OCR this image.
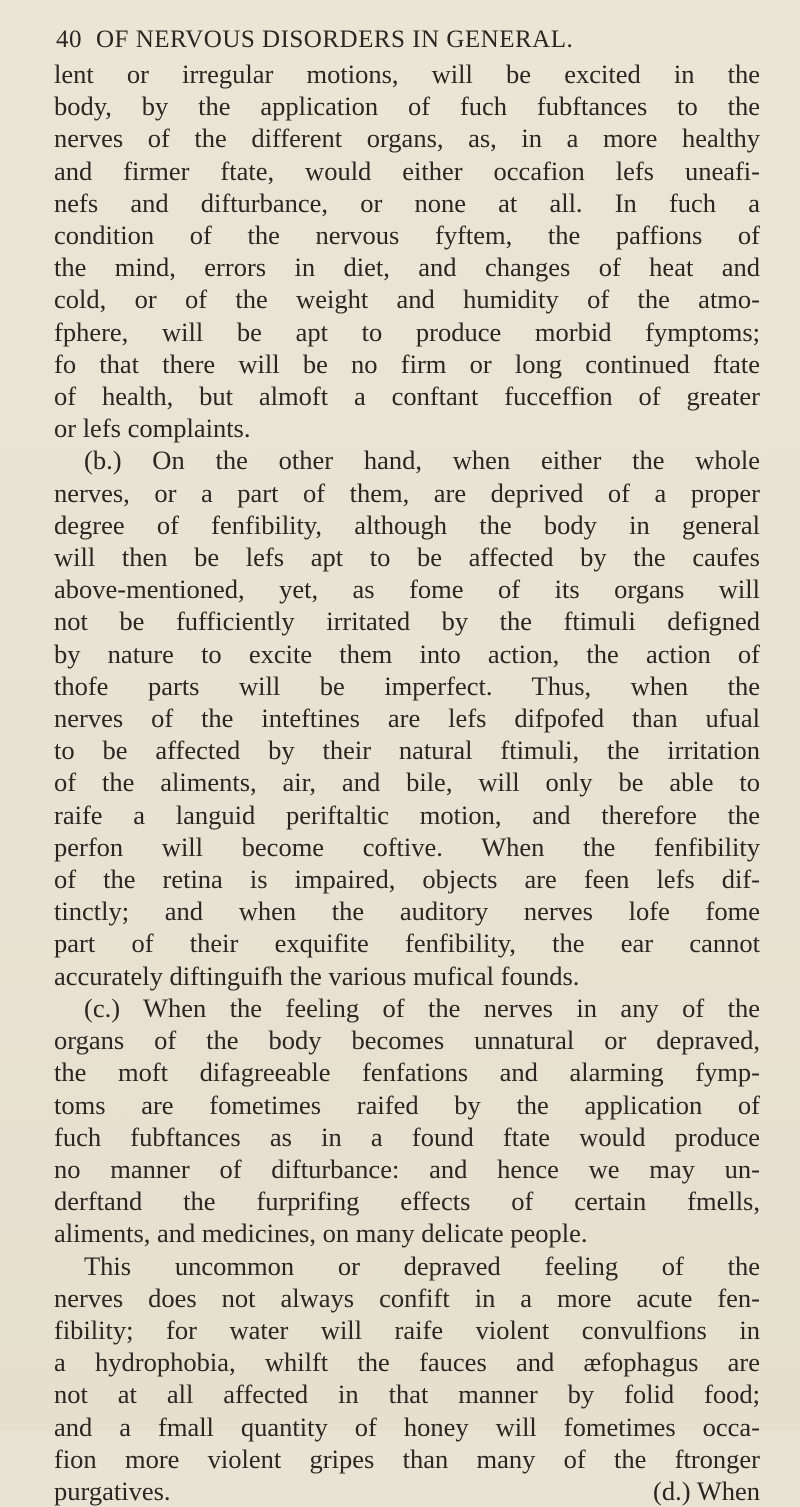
40 OF NERVOUS DISORDERS IN GENERAL.

lent or irregular motions, will be excited in the

body, by the application of fuch fubftances to the

nerves of the different organs, as, in a more healthy

and firmer ftate, would either occafion lefs uneafi-

nefs and difturbance, or none at all. In fuch a

condition of the nervous fyftem, the paffions of

the mind, errors in diet, and changes of heat and

cold, or of the weight and humidity of the atmo-

fphere, will be apt to produce morbid fymptoms;

fo that there will be no firm or long continued ftate

of health, but almoft a conftant fucceffion of greater

or lefs complaints.

(b.) On the other hand, when either the whole

nerves, or a part of them, are deprived of a proper

degree of fenfibility, although the body in general

will then be lefs apt to be affected by the caufes

above-mentioned, yet, as fome of its organs will

not be fufficiently irritated by the ftimuli defigned

by nature to excite them into action, the action of

thofe parts will be imperfect. Thus, when the

nerves of the inteftines are lefs difpofed than ufual

to be affected by their natural ftimuli, the irritation

of the aliments, air, and bile, will only be able to

raife a languid periftaltic motion, and therefore the

perfon will become coftive. When the fenfibility

of the retina is impaired, objects are feen lefs dif-

tinctly; and when the auditory nerves lofe fome

part of their exquifite fenfibility, the ear cannot

accurately diftinguifh the various mufical founds.

(c.) When the feeling of the nerves in any of the

organs of the body becomes unnatural or depraved,

the moft difagreeable fenfations and alarming fymp-

toms are fometimes raifed by the application of

fuch fubftances as in a found ftate would produce

no manner of difturbance: and hence we may un-

derftand the furprifing effects of certain fmells,

aliments, and medicines, on many delicate people.

This uncommon or depraved feeling of the

nerves does not always confift in a more acute fen-

fibility; for water will raife violent convulfions in

a hydrophobia, whilft the fauces and æfophagus are

not at all affected in that manner by folid food;

and a fmall quantity of honey will fometimes occa-

fion more violent gripes than many of the ftronger

purgatives.	(d.) When
